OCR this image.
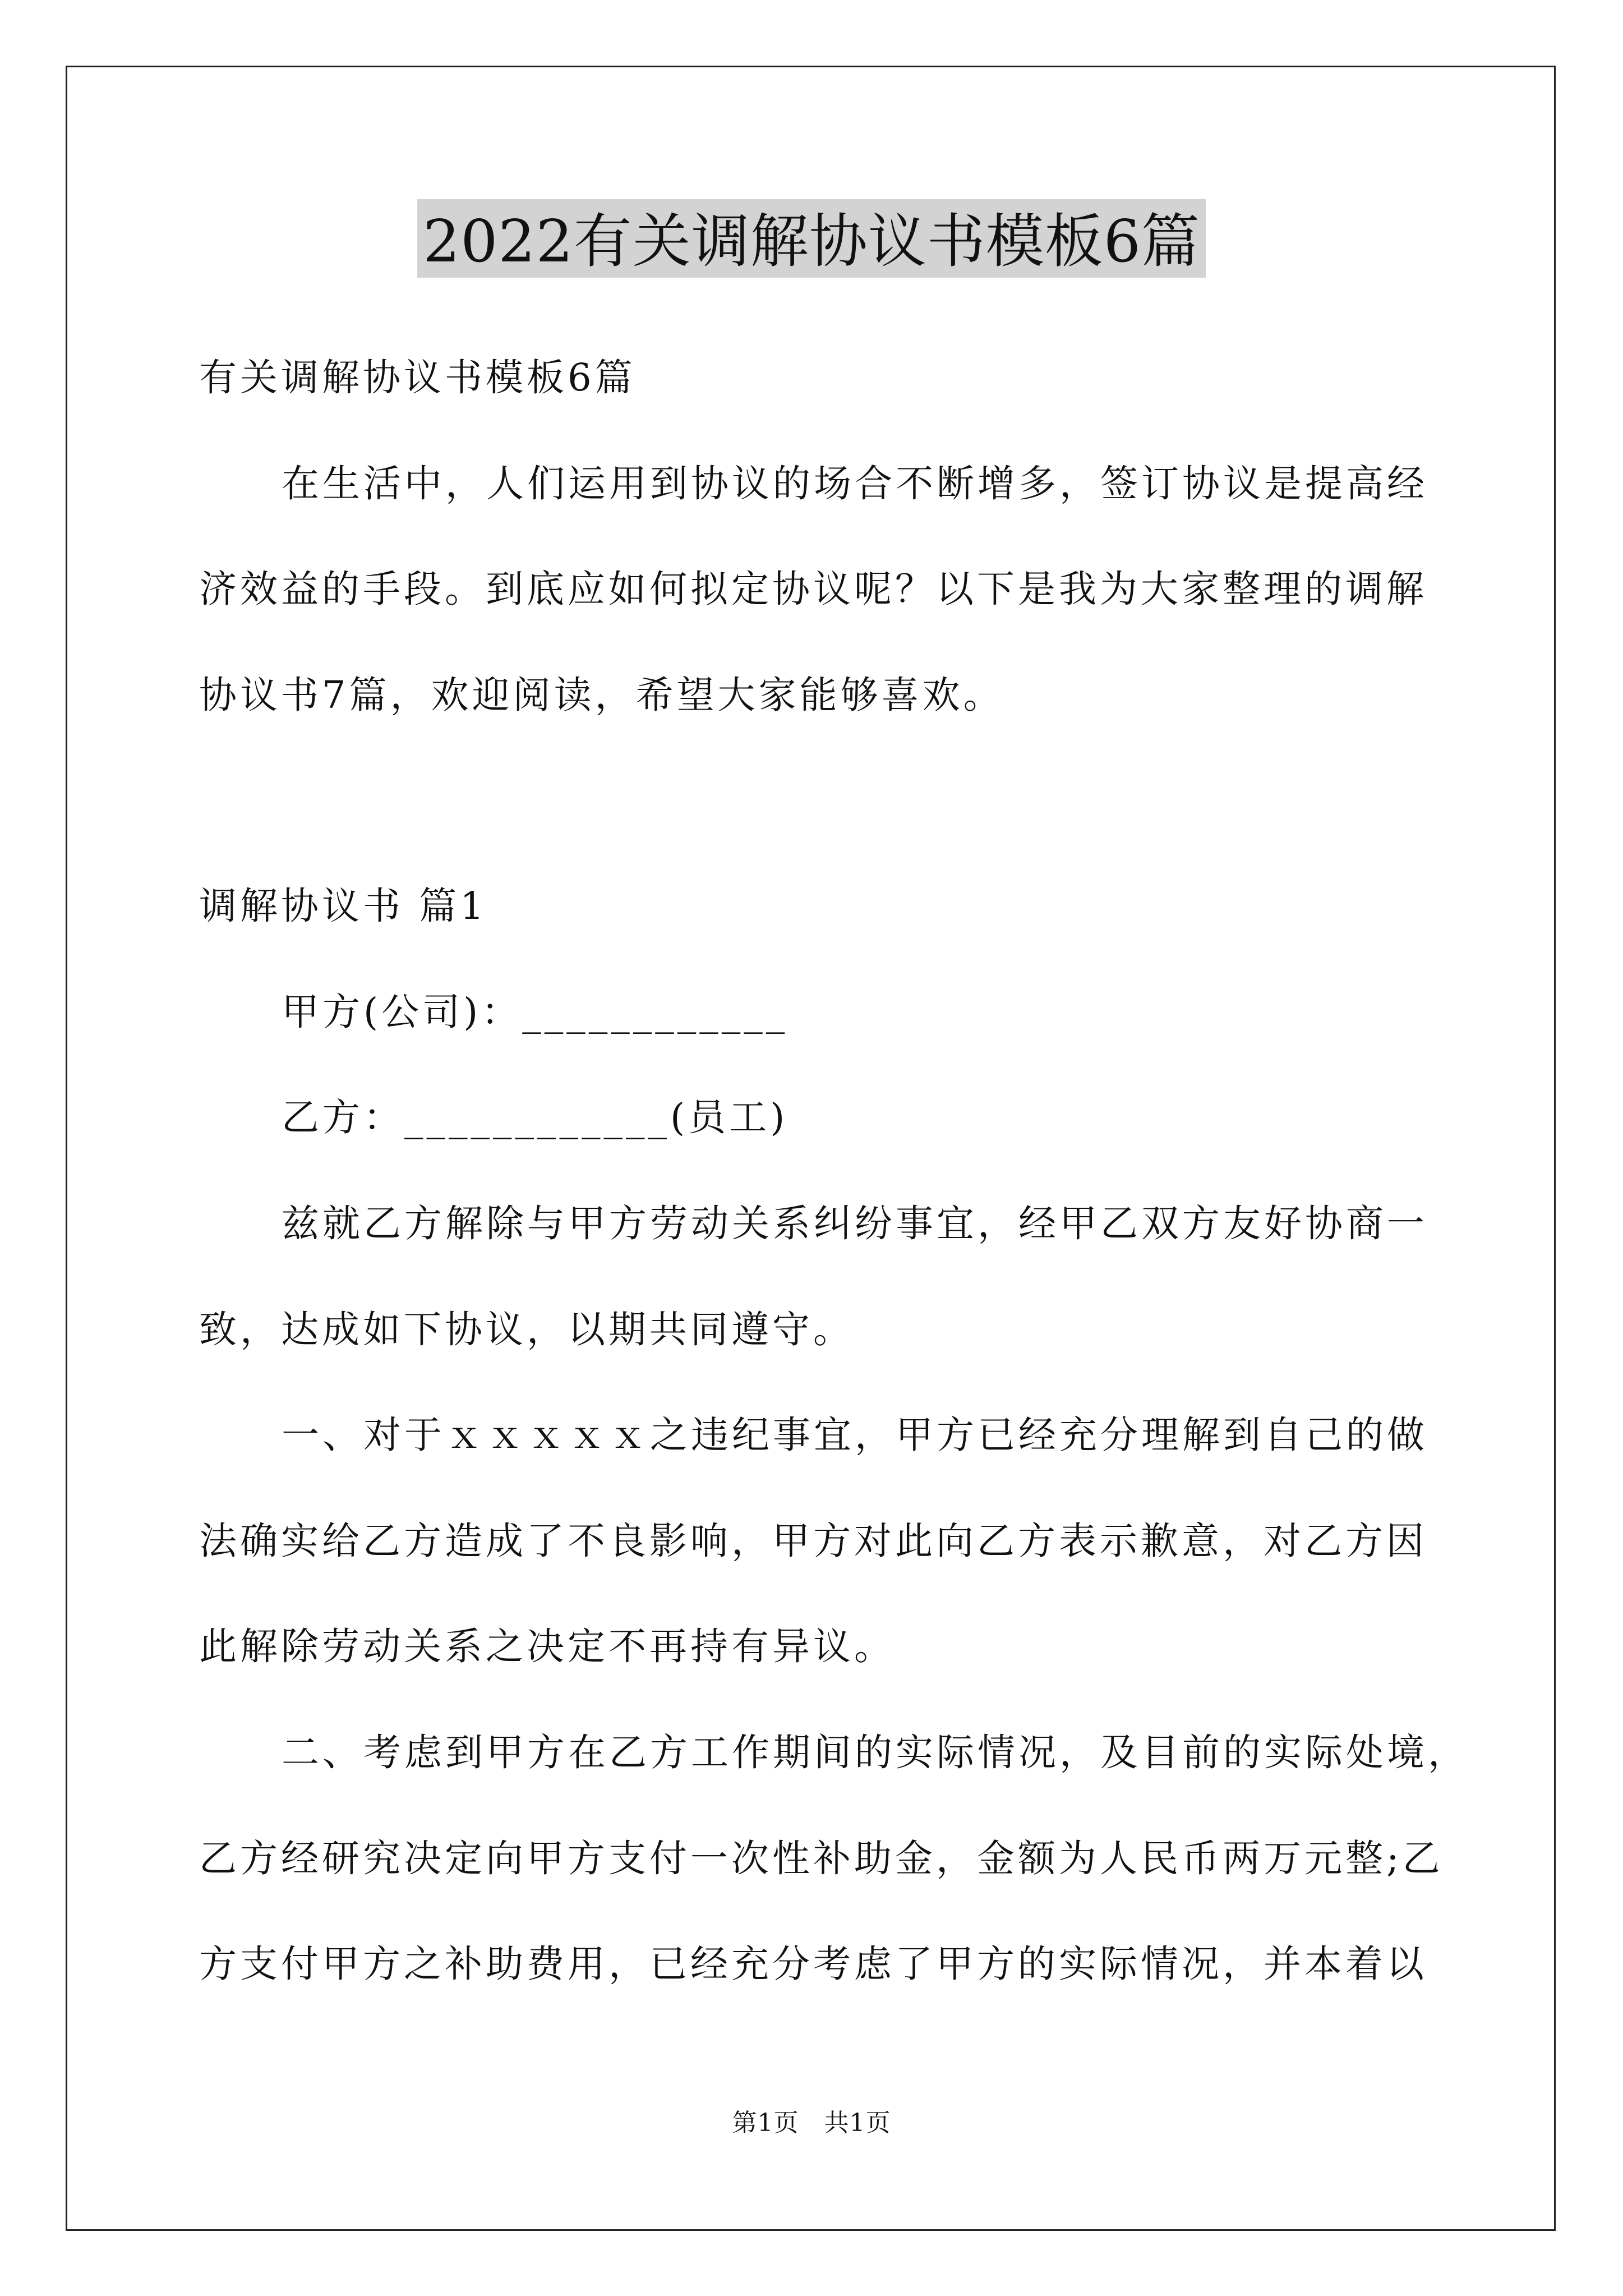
2022有关调解协议书模板6篇
有关调解协议书模板6篇
在生活中，人们运用到协议的场合不断增多，签订协议是提高经
济效益的手段。到底应如何拟定协议呢？以下是我为大家整理的调解
协议书7篇，欢迎阅读，希望大家能够喜欢。
调解协议书 篇1
甲方(公司)：____________
乙方：____________(员工)
兹就乙方解除与甲方劳动关系纠纷事宜，经甲乙双方友好协商一
致，达成如下协议，以期共同遵守。
一、对于ｘｘｘｘｘ之违纪事宜，甲方已经充分理解到自己的做
法确实给乙方造成了不良影响，甲方对此向乙方表示歉意，对乙方因
此解除劳动关系之决定不再持有异议。
二、考虑到甲方在乙方工作期间的实际情况，及目前的实际处境，
乙方经研究决定向甲方支付一次性补助金，金额为人民币两万元整;乙
方支付甲方之补助费用，已经充分考虑了甲方的实际情况，并本着以
第1页　共1页
